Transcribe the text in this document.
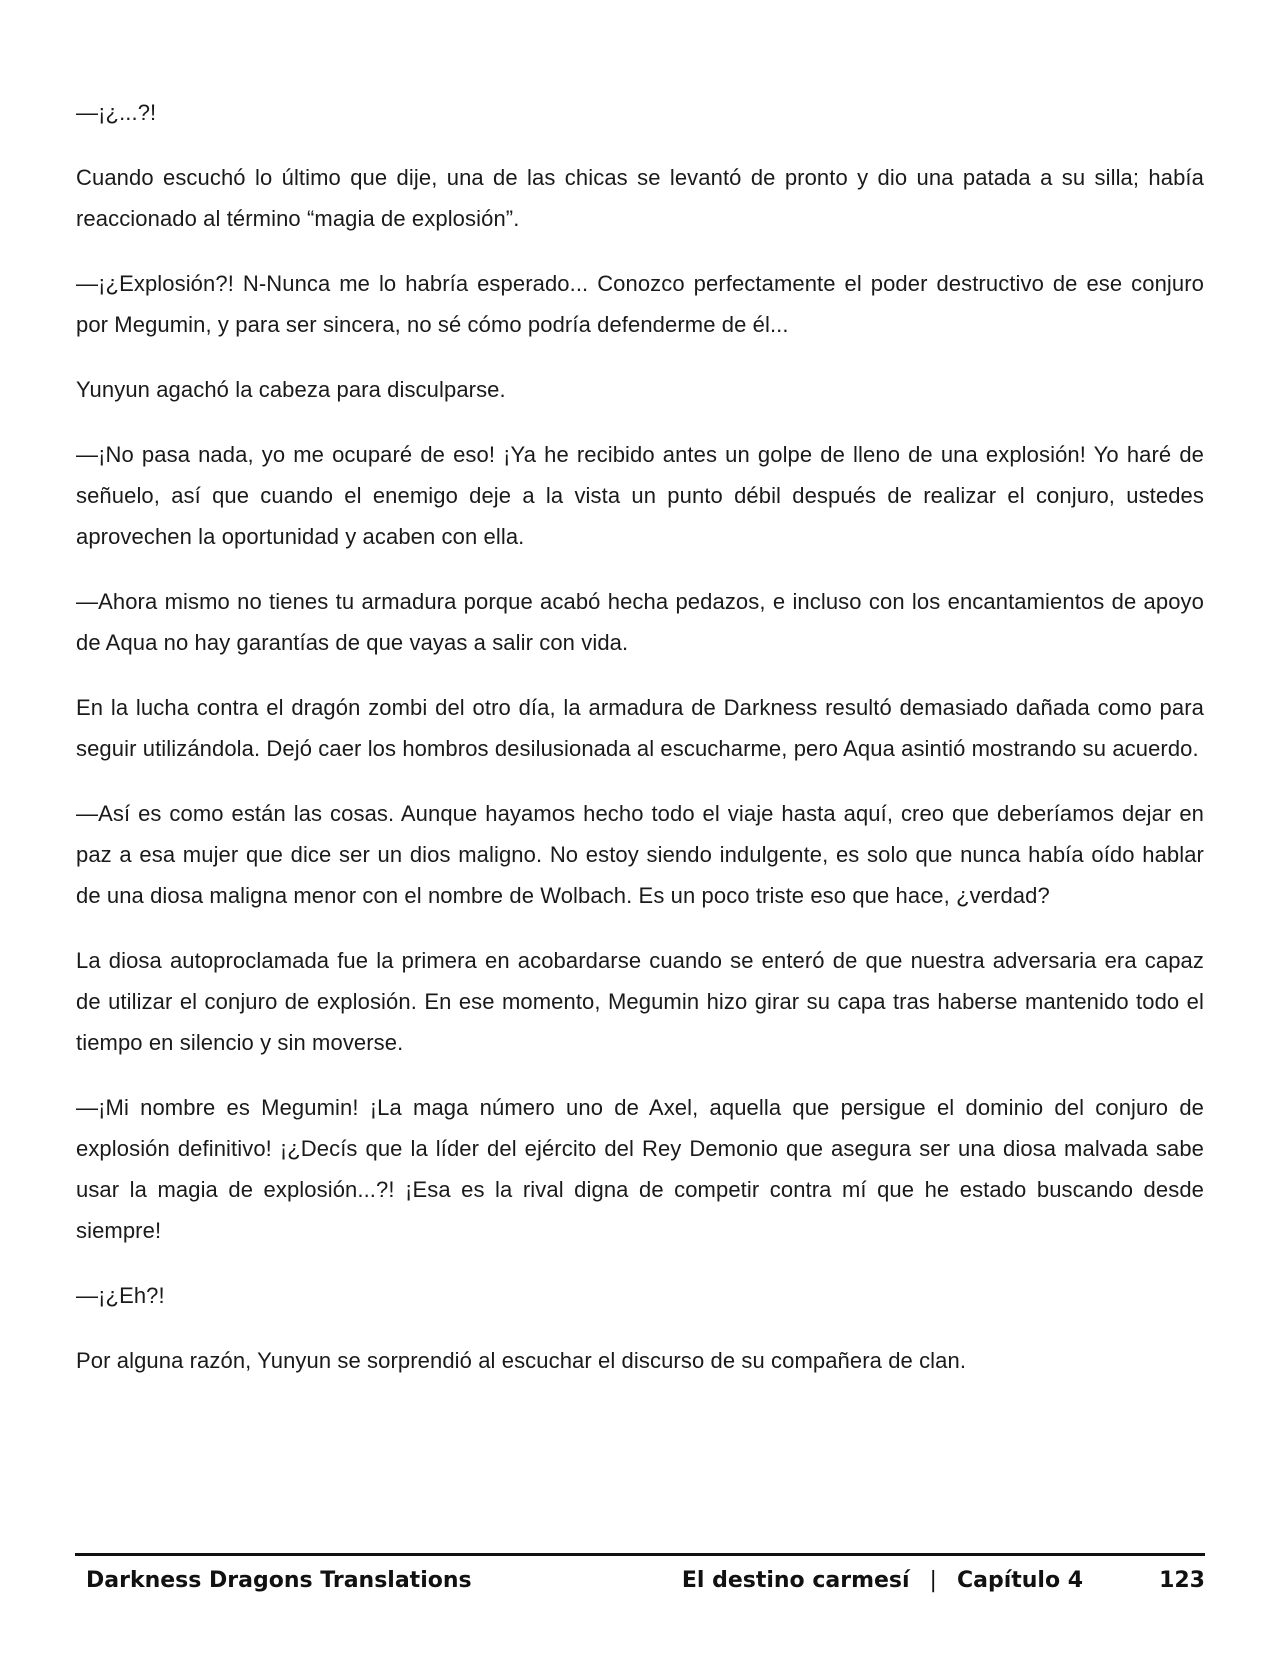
—¡¿...?!

Cuando escuchó lo último que dije, una de las chicas se levantó de pronto y dio una patada a su silla; había reaccionado al término “magia de explosión”.

—¡¿Explosión?! N-Nunca me lo habría esperado... Conozco perfectamente el poder destructivo de ese conjuro por Megumin, y para ser sincera, no sé cómo podría defenderme de él...

Yunyun agachó la cabeza para disculparse.

—¡No pasa nada, yo me ocuparé de eso! ¡Ya he recibido antes un golpe de lleno de una explosión! Yo haré de señuelo, así que cuando el enemigo deje a la vista un punto débil después de realizar el conjuro, ustedes aprovechen la oportunidad y acaben con ella.

—Ahora mismo no tienes tu armadura porque acabó hecha pedazos, e incluso con los encantamientos de apoyo de Aqua no hay garantías de que vayas a salir con vida.

En la lucha contra el dragón zombi del otro día, la armadura de Darkness resultó demasiado dañada como para seguir utilizándola. Dejó caer los hombros desilusionada al escucharme, pero Aqua asintió mostrando su acuerdo.

—Así es como están las cosas. Aunque hayamos hecho todo el viaje hasta aquí, creo que deberíamos dejar en paz a esa mujer que dice ser un dios maligno. No estoy siendo indulgente, es solo que nunca había oído hablar de una diosa maligna menor con el nombre de Wolbach. Es un poco triste eso que hace, ¿verdad?

La diosa autoproclamada fue la primera en acobardarse cuando se enteró de que nuestra adversaria era capaz de utilizar el conjuro de explosión. En ese momento, Megumin hizo girar su capa tras haberse mantenido todo el tiempo en silencio y sin moverse.

—¡Mi nombre es Megumin! ¡La maga número uno de Axel, aquella que persigue el dominio del conjuro de explosión definitivo! ¡¿Decís que la líder del ejército del Rey Demonio que asegura ser una diosa malvada sabe usar la magia de explosión...?! ¡Esa es la rival digna de competir contra mí que he estado buscando desde siempre!

—¡¿Eh?!

Por alguna razón, Yunyun se sorprendió al escuchar el discurso de su compañera de clan.

Darkness Dragons Translations	El destino carmesí | Capítulo 4	123
